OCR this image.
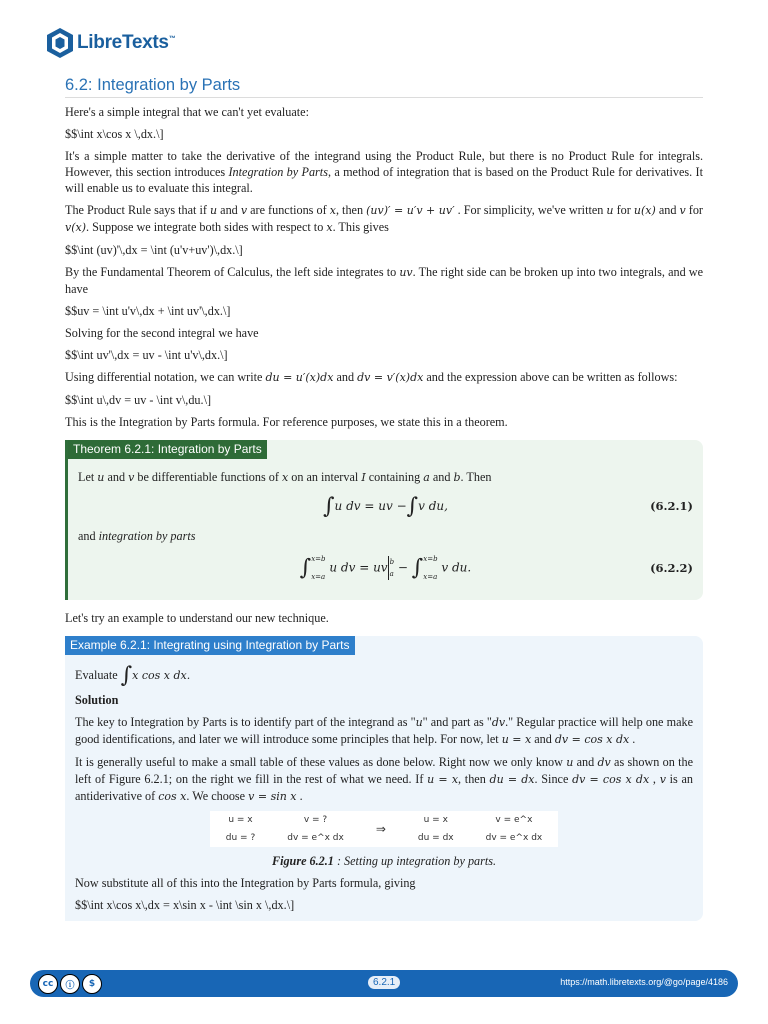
LibreTexts™
6.2: Integration by Parts

Here's a simple integral that we can't yet evaluate:

$$\int x\cos x \,dx.\]

It's a simple matter to take the derivative of the integrand using the Product Rule, but there is no Product Rule for integrals. However, this section introduces Integration by Parts, a method of integration that is based on the Product Rule for derivatives. It will enable us to evaluate this integral.

The Product Rule says that if u and v are functions of x, then (uv)′ = u′v + uv′ . For simplicity, we've written u for u(x) and v for v(x). Suppose we integrate both sides with respect to x. This gives

$$\int (uv)'\,dx = \int (u'v+uv')\,dx.\]

By the Fundamental Theorem of Calculus, the left side integrates to uv. The right side can be broken up into two integrals, and we have

$$uv = \int u'v\,dx + \int uv'\,dx.\]

Solving for the second integral we have

$$\int uv'\,dx = uv - \int u'v\,dx.\]

Using differential notation, we can write du = u′(x)dx and dv = v′(x)dx and the expression above can be written as follows:

$$\int u\,dv = uv - \int v\,du.\]

This is the Integration by Parts formula. For reference purposes, we state this in a theorem.

Theorem 6.2.1: Integration by Parts

Let u and v be differentiable functions of x on an interval I containing a and b. Then

∫u dv = uv −∫v du,	(6.2.1)

and integration by parts

∫ x=b
x=a
u dv = uv b
a − ∫ x=b
x=a
v du.	(6.2.2)

Let's try an example to understand our new technique.

Example 6.2.1: Integrating using Integration by Parts

Evaluate ∫x cos x dx.

Solution

The key to Integration by Parts is to identify part of the integrand as "u" and part as "dv." Regular practice will help one make good identifications, and later we will introduce some principles that help. For now, let u = x and dv = cos x dx .

It is generally useful to make a small table of these values as done below. Right now we only know u and dv as shown on the left of Figure 6.2.1; on the right we fill in the rest of what we need. If u = x, then du = dx. Since dv = cos x dx , v is an antiderivative of cos x. We choose v = sin x .

u = x	v = ?	⇒	u = x	v = e^x
du = ?	dv = e^x dx		du = dx	dv = e^x dx

Figure 6.2.1 : Setting up integration by parts.

Now substitute all of this into the Integration by Parts formula, giving

$$\int x\cos x\,dx = x\sin x - \int \sin x \,dx.\]

cc	ⓘ	$	6.2.1	https://math.libretexts.org/@go/page/4186
